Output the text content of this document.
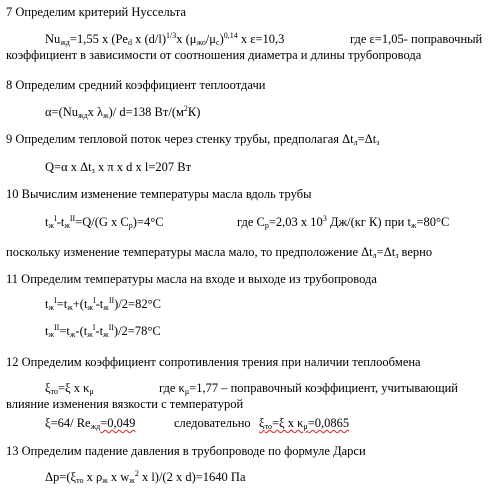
7 Определим критерий Нуссельта
$Nu_{жд}=1,55$ x ($Pe_d$ x $(d/l)^{1/3}x$ $(\mu_{жо}/\mu_c)^{0,14}$ x ε=10,3	где ε=1,05- поправочный
коэффициент в зависимости от соотношения диаметра и длины трубопровода
8 Определим средний коэффициент теплоотдачи
$\alpha=(Nu_{жд}x$ $\lambda_ж)/$ d=138 $Вт/(м^2К)$
9 Определим тепловой поток через стенку трубы, предполагая $\Delta t_л=\Delta t_з$
Q=α x $\Delta t_з$ x π x d x l=207 Вт
10 Вычислим изменение температуры масла вдоль трубы
$t_ж^I-t_ж^{II}=Q/(G$ x $C_p)=4^\circ C$	где $C_p=2,03$ x $10^3$ Дж/(кг К) при $t_ж=80^\circ C$
поскольку изменение температуры масла мало, то предположение $\Delta t_л=\Delta t_з$ верно
11 Определим температуры масла на входе и выходе из трубопровода
$t_ж^I=t_ж+(t_ж^I-t_ж^{II})/2=82^\circ C$
$t_ж^{II}=t_ж-(t_ж^I-t_ж^{II})/2=78^\circ C$
12 Определим коэффициент сопротивления трения при наличии теплообмена
$\xi_{то}=\xi$ x $\kappa_\mu$	где $\kappa_\mu=1,77$ – поправочный коэффициент, учитывающий
влияние изменения вязкости с температурой
ξ=64/ $Re_{жд}=0,049$	следовательно $\xi_{то}=\xi$ x $\kappa_\mu=0,0865$
13 Определим падение давления в трубопроводе по формуле Дарси
$\Delta p=(\xi_{то}$ x $\rho_ж$ x $w_ж^2$ x l)/(2 x d)=1640 Па
